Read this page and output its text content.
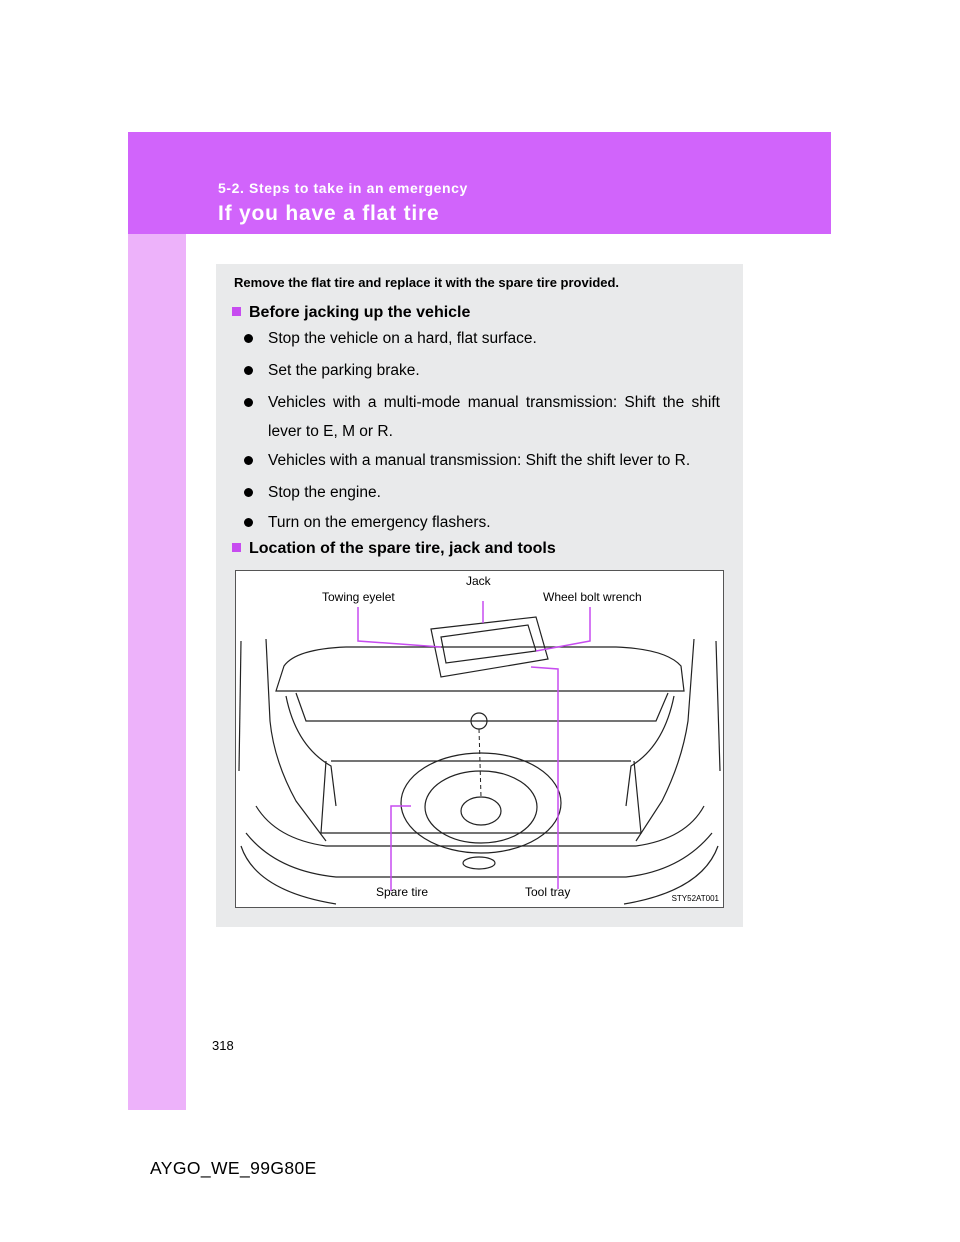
5-2. Steps to take in an emergency
If you have a flat tire
Remove the flat tire and replace it with the spare tire provided.
Before jacking up the vehicle
Stop the vehicle on a hard, flat surface.
Set the parking brake.
Vehicles with a multi-mode manual transmission: Shift the shift lever to E, M or R.
Vehicles with a manual transmission: Shift the shift lever to R.
Stop the engine.
Turn on the emergency flashers.
Location of the spare tire, jack and tools
Jack
Towing eyelet	Wheel bolt wrench
Spare tire	Tool tray	STY52AT001
318
AYGO_WE_99G80E
